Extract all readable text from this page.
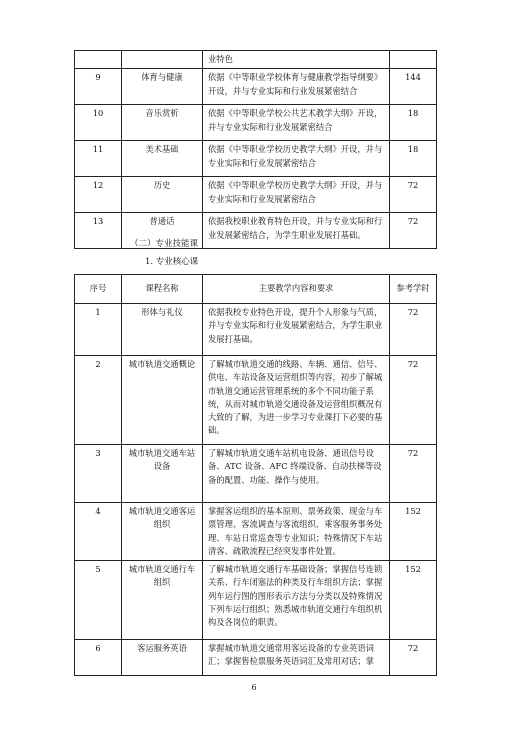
		业特色	
9	体育与健康	依据《中等职业学校体育与健康教学指导纲要》开设，并与专业实际和行业发展紧密结合	144
10	音乐赏析	依据《中等职业学校公共艺术教学大纲》开设，并与专业实际和行业发展紧密结合	18
11	美术基础	依据《中等职业学校历史教学大纲》开设，并与专业实际和行业发展紧密结合	18
12	历史	依据《中等职业学校历史教学大纲》开设，并与专业实际和行业发展紧密结合	72
13	普通话	依据我校职业教育特色开设，并与专业实际和行业发展紧密结合，为学生职业发展打基础。	72
（二）专业技能课
1. 专业核心课
序号	课程名称	主要教学内容和要求	参考学时
1	形体与礼仪	依据我校专业特色开设，提升个人形象与气质，并与专业实际和行业发展紧密结合，为学生职业发展打基础。	72
2	城市轨道交通概论	了解城市轨道交通的线路、车辆、通信、信号、供电、车站设备及运营组织等内容，初步了解城市轨道交通运营管理系统的多个不同功能子系统，从而对城市轨道交通设备及运营组织概况有大致的了解，为进一步学习专业课打下必要的基础。	72
3	城市轨道交通车站设备	了解城市轨道交通车站机电设备、通讯信号设备、ATC 设备、AFC 终端设备、自动扶梯等设备的配置、功能、操作与使用。	72
4	城市轨道交通客运组织	掌握客运组织的基本原则、票务政策、现金与车票管理、客流调查与客流组织、乘客服务事务处理、车站日常巡查等专业知识；特殊情况下车站清客、疏散流程已经突发事件处置。	152
5	城市轨道交通行车组织	了解城市轨道交通行车基础设备；掌握信号连锁关系、行车闭塞法的种类及行车组织方法；掌握列车运行图的图形表示方法与分类以及特殊情况下列车运行组织；熟悉城市轨道交通行车组织机构及各岗位的职责。	152
6	客运服务英语	掌握城市轨道交通常用客运设备的专业英语词汇；掌握售检票服务英语词汇及常用对话；掌	72
6
